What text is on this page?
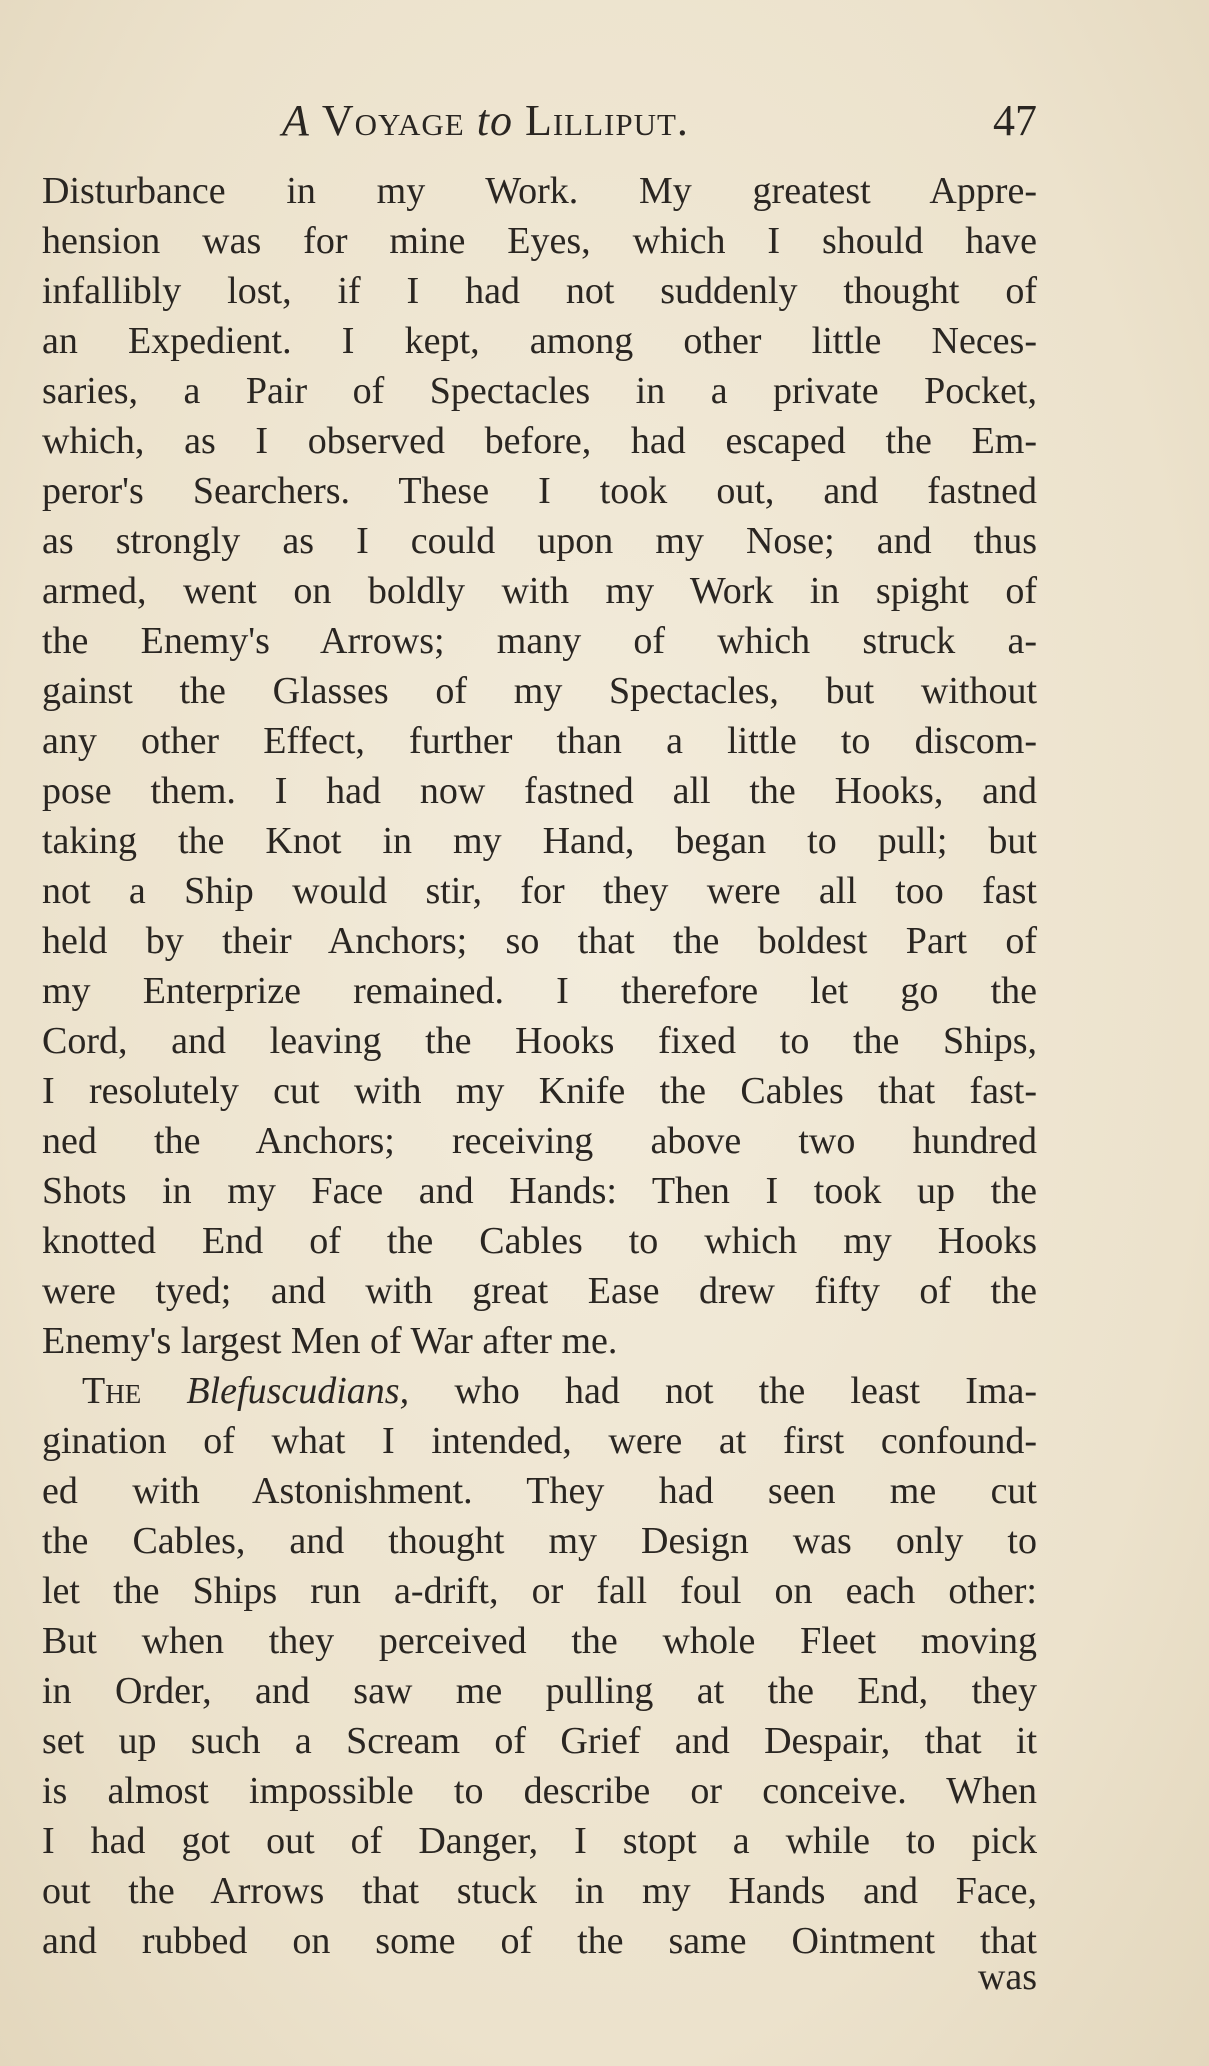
A Voyage to Lilliput.	47
Disturbance in my Work. My greatest Appre-
hension was for mine Eyes, which I should have
infallibly lost, if I had not suddenly thought of
an Expedient. I kept, among other little Neces-
saries, a Pair of Spectacles in a private Pocket,
which, as I observed before, had escaped the Em-
peror's Searchers. These I took out, and fastned
as strongly as I could upon my Nose; and thus
armed, went on boldly with my Work in spight of
the Enemy's Arrows; many of which struck a-
gainst the Glasses of my Spectacles, but without
any other Effect, further than a little to discom-
pose them. I had now fastned all the Hooks, and
taking the Knot in my Hand, began to pull; but
not a Ship would stir, for they were all too fast
held by their Anchors; so that the boldest Part of
my Enterprize remained. I therefore let go the
Cord, and leaving the Hooks fixed to the Ships,
I resolutely cut with my Knife the Cables that fast-
ned the Anchors; receiving above two hundred
Shots in my Face and Hands: Then I took up the
knotted End of the Cables to which my Hooks
were tyed; and with great Ease drew fifty of the
Enemy's largest Men of War after me.
The Blefuscudians, who had not the least Ima-
gination of what I intended, were at first confound-
ed with Astonishment. They had seen me cut
the Cables, and thought my Design was only to
let the Ships run a-drift, or fall foul on each other:
But when they perceived the whole Fleet moving
in Order, and saw me pulling at the End, they
set up such a Scream of Grief and Despair, that it
is almost impossible to describe or conceive. When
I had got out of Danger, I stopt a while to pick
out the Arrows that stuck in my Hands and Face,
and rubbed on some of the same Ointment that
was
